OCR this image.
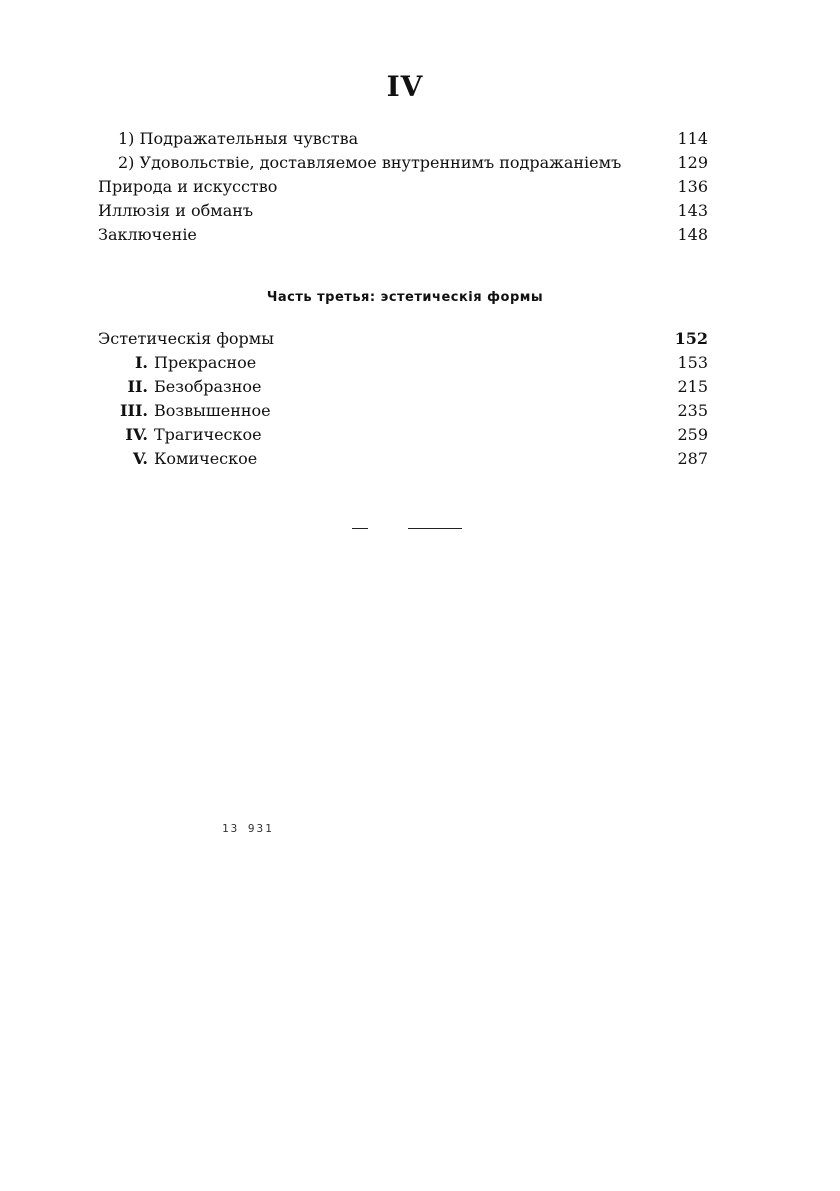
IV
1) Подражательныя чувства	114
2) Удовольствіе, доставляемое внутреннимъ подражаніемъ	129
Природа и искусство	136
Иллюзія и обманъ	143
Заключеніе	148
Часть третья: эстетическія формы
Эстетическія формы	152
I. Прекрасное	153
II. Безобразное	215
III. Возвышенное	235
IV. Трагическое	259
V. Комическое	287
13 931
